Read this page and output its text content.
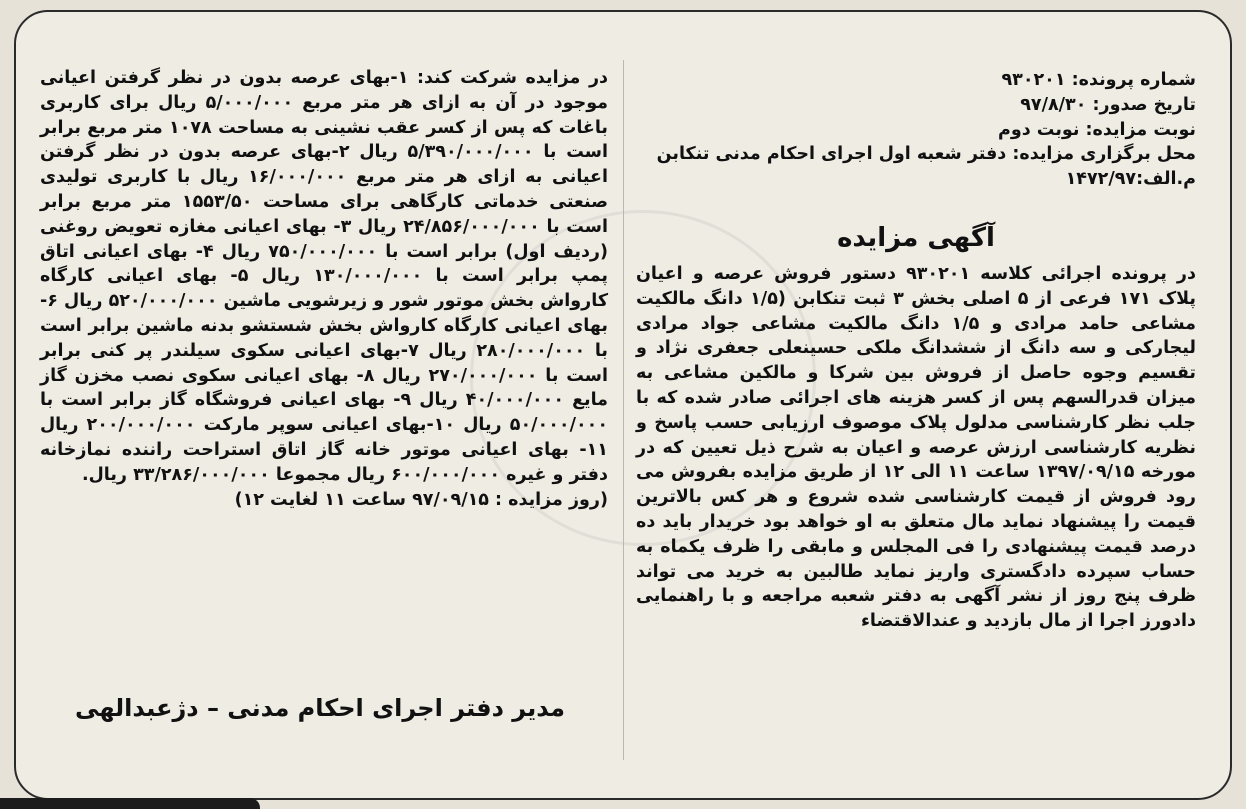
شماره پرونده: ۹۳۰۲۰۱

تاریخ صدور: ۹۷/۸/۳۰

نوبت مزایده: نوبت دوم

محل برگزاری مزایده: دفتر شعبه اول اجرای احکام مدنی تنکابن

م.الف:۱۴۷۲/۹۷

آگهی مزایده

در پرونده اجرائی کلاسه ۹۳۰۲۰۱ دستور فروش عرصه و اعیان پلاک ۱۷۱ فرعی از ۵ اصلی بخش ۳ ثبت تنکابن (۱/۵ دانگ مالکیت مشاعی حامد مرادی و ۱/۵ دانگ مالکیت مشاعی جواد مرادی لیجارکی و سه دانگ از ششدانگ ملکی حسینعلی جعفری نژاد و تقسیم وجوه حاصل از فروش بین شرکا و مالکین مشاعی به میزان قدرالسهم پس از کسر هزینه های اجرائی صادر شده که با جلب نظر کارشناسی مدلول پلاک موصوف ارزیابی حسب پاسخ و نظریه کارشناسی ارزش عرصه و اعیان به شرح ذیل تعیین که در مورخه ۱۳۹۷/۰۹/۱۵ ساعت ۱۱ الی ۱۲ از طریق مزایده بفروش می رود فروش از قیمت کارشناسی شده شروع و هر کس بالاترین قیمت را پیشنهاد نماید مال متعلق به او خواهد بود خریدار باید ده درصد قیمت پیشنهادی را فی المجلس و مابقی را ظرف یکماه به حساب سپرده دادگستری واریز نماید طالبین به خرید می تواند ظرف پنج روز از نشر آگهی به دفتر شعبه مراجعه و با راهنمایی دادورز اجرا از مال بازدید و عندالاقتضاء

در مزایده شرکت کند: ۱-بهای عرصه بدون در نظر گرفتن اعیانی موجود در آن به ازای هر متر مربع ۵/۰۰۰/۰۰۰ ریال برای کاربری باغات که پس از کسر عقب نشینی به مساحت ۱۰۷۸ متر مربع برابر است با ۵/۳۹۰/۰۰۰/۰۰۰ ریال ۲-بهای عرصه بدون در نظر گرفتن اعیانی به ازای هر متر مربع ۱۶/۰۰۰/۰۰۰ ریال با کاربری تولیدی صنعتی خدماتی کارگاهی برای مساحت ۱۵۵۳/۵۰ متر مربع برابر است با ۲۴/۸۵۶/۰۰۰/۰۰۰ ریال ۳- بهای اعیانی مغازه تعویض روغنی (ردیف اول) برابر است با ۷۵۰/۰۰۰/۰۰۰ ریال ۴- بهای اعیانی اتاق پمپ برابر است با ۱۳۰/۰۰۰/۰۰۰ ریال ۵- بهای اعیانی کارگاه کارواش بخش موتور شور و زیرشویی ماشین ۵۲۰/۰۰۰/۰۰۰ ریال ۶-بهای اعیانی کارگاه کارواش بخش شستشو بدنه ماشین برابر است با ۲۸۰/۰۰۰/۰۰۰ ریال ۷-بهای اعیانی سکوی سیلندر پر کنی برابر است با ۲۷۰/۰۰۰/۰۰۰ ریال ۸- بهای اعیانی سکوی نصب مخزن گاز مایع ۴۰/۰۰۰/۰۰۰ ریال ۹- بهای اعیانی فروشگاه گاز برابر است با ۵۰/۰۰۰/۰۰۰ ریال ۱۰-بهای اعیانی سوپر مارکت ۲۰۰/۰۰۰/۰۰۰ ریال ۱۱- بهای اعیانی موتور خانه گاز اتاق استراحت راننده نمازخانه دفتر و غیره ۶۰۰/۰۰۰/۰۰۰ ریال مجموعا ۳۳/۲۸۶/۰۰۰/۰۰۰ ریال.

(روز مزایده : ۹۷/۰۹/۱۵ ساعت ۱۱ لغایت ۱۲)

مدیر دفتر اجرای احکام مدنی – دژعبدالهی
